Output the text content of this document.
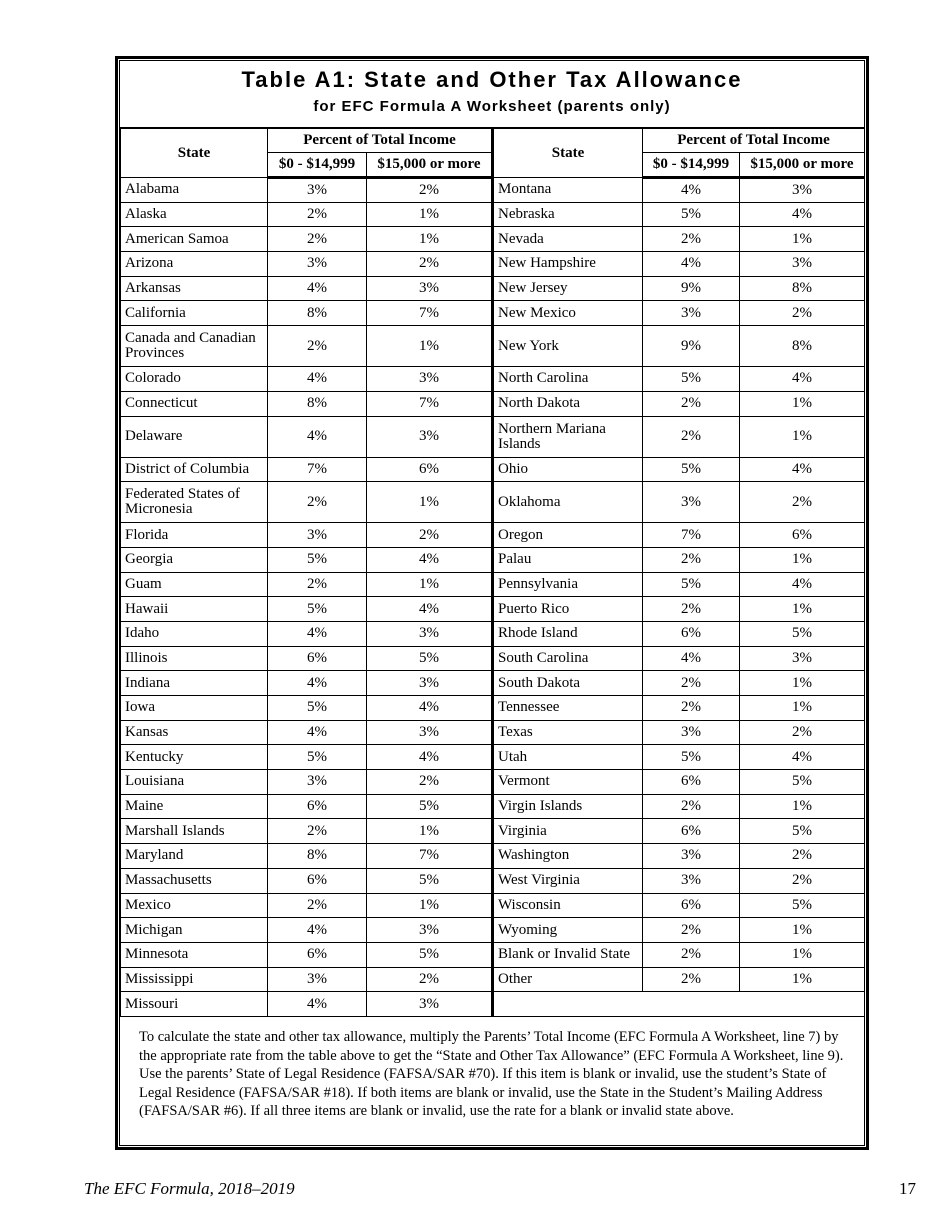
Table A1: State and Other Tax Allowance
for EFC Formula A Worksheet (parents only)
State	Percent of Total Income		State	Percent of Total Income	
	$0 - $14,999	$15,000 or more		$0 - $14,999	$15,000 or more
Alabama	3%	2%	Montana	4%	3%
Alaska	2%	1%	Nebraska	5%	4%
American Samoa	2%	1%	Nevada	2%	1%
Arizona	3%	2%	New Hampshire	4%	3%
Arkansas	4%	3%	New Jersey	9%	8%
California	8%	7%	New Mexico	3%	2%
Canada and Canadian Provinces	2%	1%	New York	9%	8%
Colorado	4%	3%	North Carolina	5%	4%
Connecticut	8%	7%	North Dakota	2%	1%
Delaware	4%	3%	Northern Mariana Islands	2%	1%
District of Columbia	7%	6%	Ohio	5%	4%
Federated States of Micronesia	2%	1%	Oklahoma	3%	2%
Florida	3%	2%	Oregon	7%	6%
Georgia	5%	4%	Palau	2%	1%
Guam	2%	1%	Pennsylvania	5%	4%
Hawaii	5%	4%	Puerto Rico	2%	1%
Idaho	4%	3%	Rhode Island	6%	5%
Illinois	6%	5%	South Carolina	4%	3%
Indiana	4%	3%	South Dakota	2%	1%
Iowa	5%	4%	Tennessee	2%	1%
Kansas	4%	3%	Texas	3%	2%
Kentucky	5%	4%	Utah	5%	4%
Louisiana	3%	2%	Vermont	6%	5%
Maine	6%	5%	Virgin Islands	2%	1%
Marshall Islands	2%	1%	Virginia	6%	5%
Maryland	8%	7%	Washington	3%	2%
Massachusetts	6%	5%	West Virginia	3%	2%
Mexico	2%	1%	Wisconsin	6%	5%
Michigan	4%	3%	Wyoming	2%	1%
Minnesota	6%	5%	Blank or Invalid State	2%	1%
Mississippi	3%	2%	Other	2%	1%
Missouri	4%	3%			
To calculate the state and other tax allowance, multiply the Parents’ Total Income (EFC Formula A Worksheet, line 7) by the appropriate rate from the table above to get the “State and Other Tax Allowance” (EFC Formula A Worksheet, line 9). Use the parents’ State of Legal Residence (FAFSA/SAR #70). If this item is blank or invalid, use the student’s State of Legal Residence (FAFSA/SAR #18). If both items are blank or invalid, use the State in the Student’s Mailing Address (FAFSA/SAR #6). If all three items are blank or invalid, use the rate for a blank or invalid state above.
The EFC Formula, 2018–2019	17
